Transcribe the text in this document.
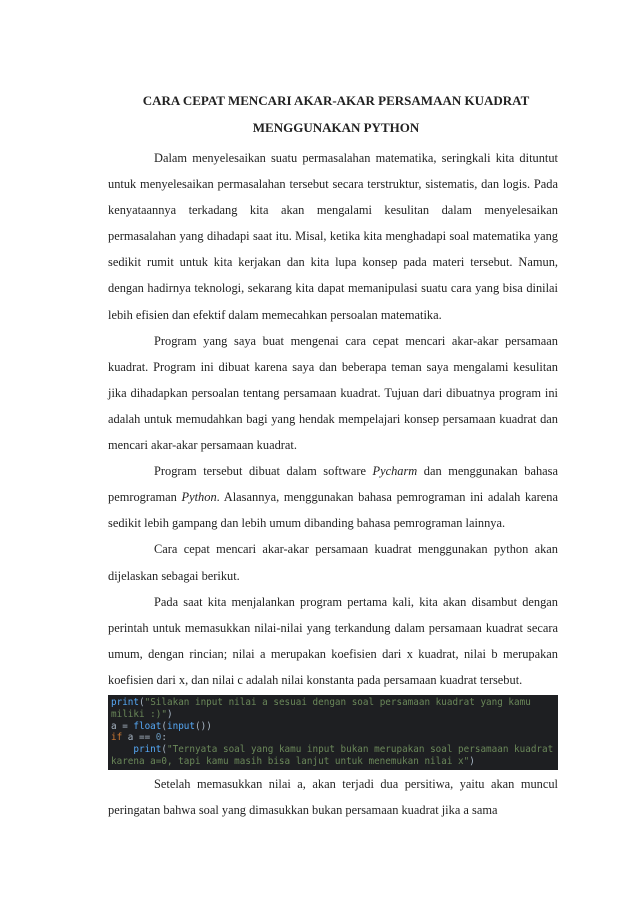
CARA CEPAT MENCARI AKAR-AKAR PERSAMAAN KUADRAT
MENGGUNAKAN PYTHON

Dalam menyelesaikan suatu permasalahan matematika, seringkali kita dituntut untuk menyelesaikan permasalahan tersebut secara terstruktur, sistematis, dan logis. Pada kenyataannya terkadang kita akan mengalami kesulitan dalam menyelesaikan permasalahan yang dihadapi saat itu. Misal, ketika kita menghadapi soal matematika yang sedikit rumit untuk kita kerjakan dan kita lupa konsep pada materi tersebut. Namun, dengan hadirnya teknologi, sekarang kita dapat memanipulasi suatu cara yang bisa dinilai lebih efisien dan efektif dalam memecahkan persoalan matematika.

Program yang saya buat mengenai cara cepat mencari akar-akar persamaan kuadrat. Program ini dibuat karena saya dan beberapa teman saya mengalami kesulitan jika dihadapkan persoalan tentang persamaan kuadrat. Tujuan dari dibuatnya program ini adalah untuk memudahkan bagi yang hendak mempelajari konsep persamaan kuadrat dan mencari akar-akar persamaan kuadrat.

Program tersebut dibuat dalam software Pycharm dan menggunakan bahasa pemrograman Python. Alasannya, menggunakan bahasa pemrograman ini adalah karena sedikit lebih gampang dan lebih umum dibanding bahasa pemrograman lainnya.

Cara cepat mencari akar-akar persamaan kuadrat menggunakan python akan dijelaskan sebagai berikut.

Pada saat kita menjalankan program pertama kali, kita akan disambut dengan perintah untuk memasukkan nilai-nilai yang terkandung dalam persamaan kuadrat secara umum, dengan rincian; nilai a merupakan koefisien dari x kuadrat, nilai b merupakan koefisien dari x, dan nilai c adalah nilai konstanta pada persamaan kuadrat tersebut.

print("Silakan input nilai a sesuai dengan soal persamaan kuadrat yang kamu miliki :)")
a = float(input())
if a == 0:
print("Ternyata soal yang kamu input bukan merupakan soal persamaan kuadrat karena a=0, tapi kamu masih bisa lanjut untuk menemukan nilai x")

Setelah memasukkan nilai a, akan terjadi dua persitiwa, yaitu akan muncul peringatan bahwa soal yang dimasukkan bukan persamaan kuadrat jika a sama
